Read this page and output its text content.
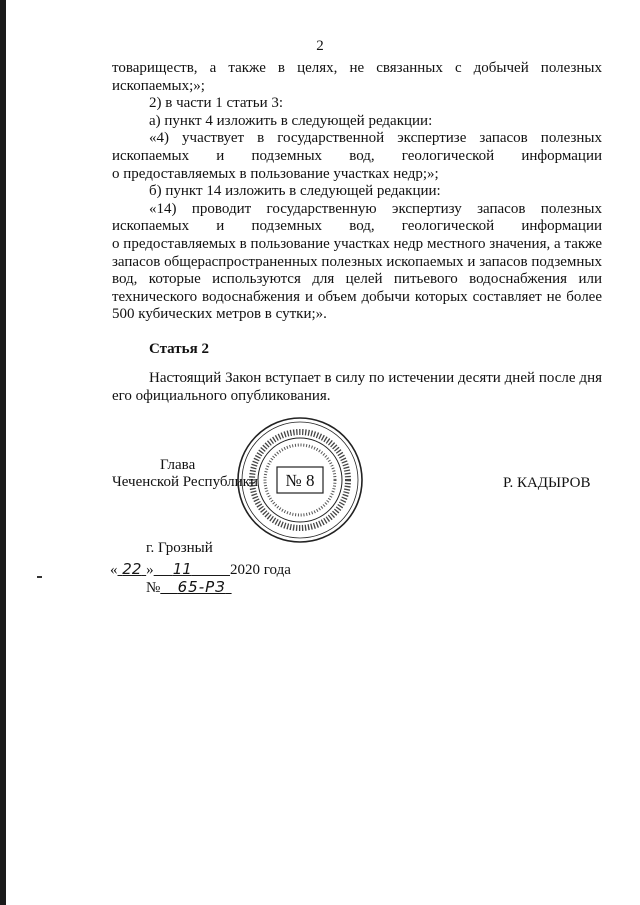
2

товариществ, а также в целях, не связанных с добычей полезных

ископаемых;»;

2) в части 1 статьи 3:

а) пункт 4 изложить в следующей редакции:

«4) участвует в государственной экспертизе запасов полезных

ископаемых и подземных вод, геологической информации

о предоставляемых в пользование участках недр;»;

б) пункт 14 изложить в следующей редакции:

«14) проводит государственную экспертизу запасов полезных

ископаемых и подземных вод, геологической информации

о предоставляемых в пользование участках недр местного значения, а также

запасов общераспространенных полезных ископаемых и запасов подземных

вод, которые используются для целей питьевого водоснабжения или

технического водоснабжения и объем добычи которых составляет не более

500 кубических метров в сутки;».

Статья 2

Настоящий Закон вступает в силу по истечении десяти дней после дня

его официального опубликования.

№ 8
Глава
Чеченской Республики	Р. КАДЫРОВ
г. Грозный
« 22 » 11	2020 года
№ 65-РЗ
